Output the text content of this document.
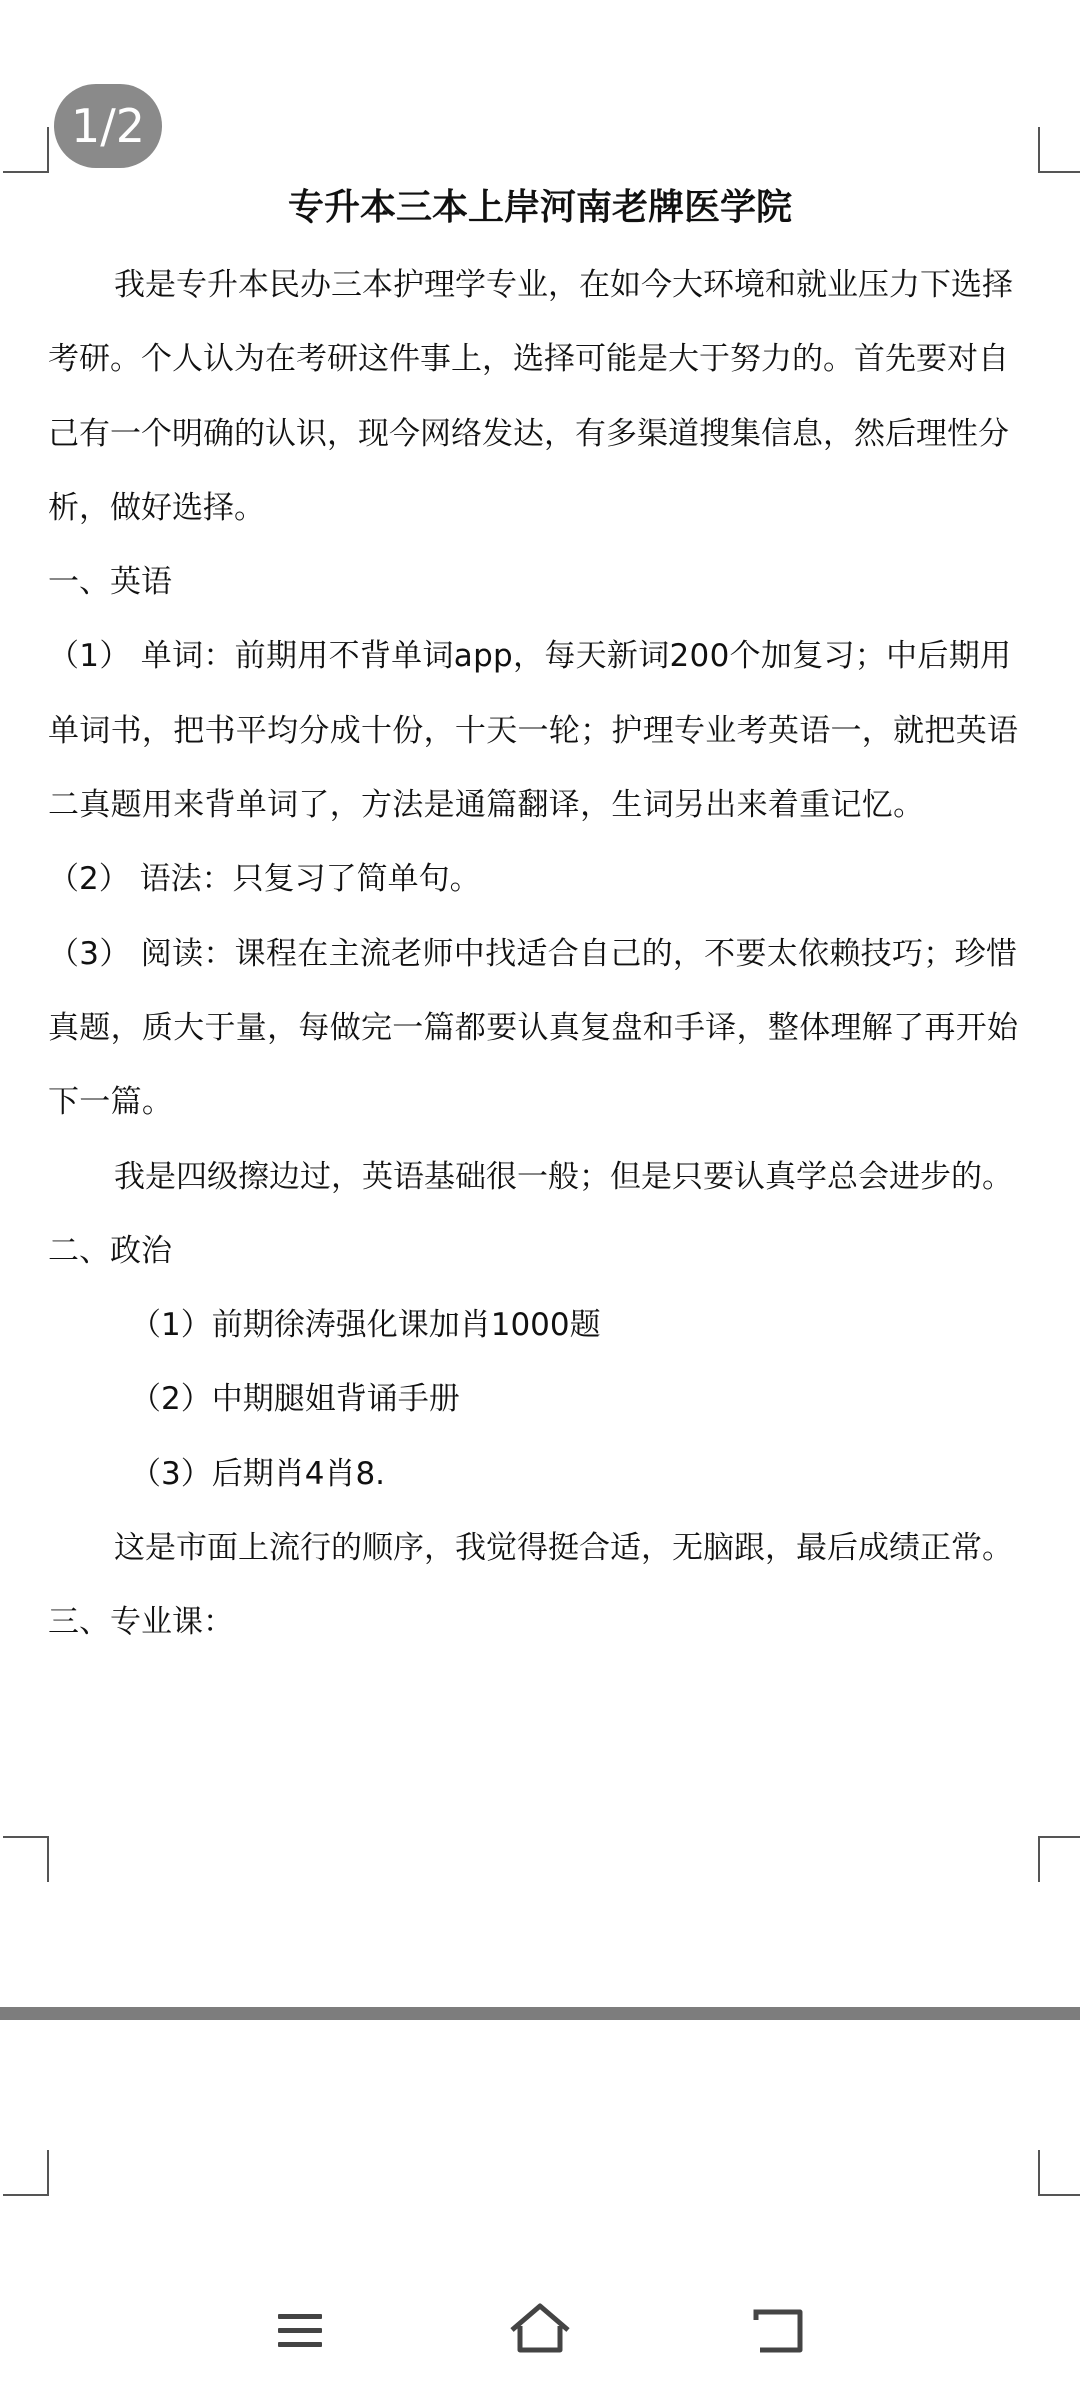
专升本三本上岸河南老牌医学院

我是专升本民办三本护理学专业，在如今大环境和就业压力下选择考研。个人认为在考研这件事上，选择可能是大于努力的。首先要对自己有一个明确的认识，现今网络发达，有多渠道搜集信息，然后理性分析，做好选择。

一、英语

（1） 单词：前期用不背单词app，每天新词200个加复习；中后期用单词书，把书平均分成十份，十天一轮；护理专业考英语一，就把英语二真题用来背单词了，方法是通篇翻译，生词另出来着重记忆。

（2） 语法：只复习了简单句。

（3） 阅读：课程在主流老师中找适合自己的，不要太依赖技巧；珍惜真题，质大于量，每做完一篇都要认真复盘和手译，整体理解了再开始下一篇。

我是四级擦边过，英语基础很一般；但是只要认真学总会进步的。

二、政治

（1）前期徐涛强化课加肖1000题

（2）中期腿姐背诵手册

（3）后期肖4肖8.

这是市面上流行的顺序，我觉得挺合适，无脑跟，最后成绩正常。

三、专业课：

1/2
